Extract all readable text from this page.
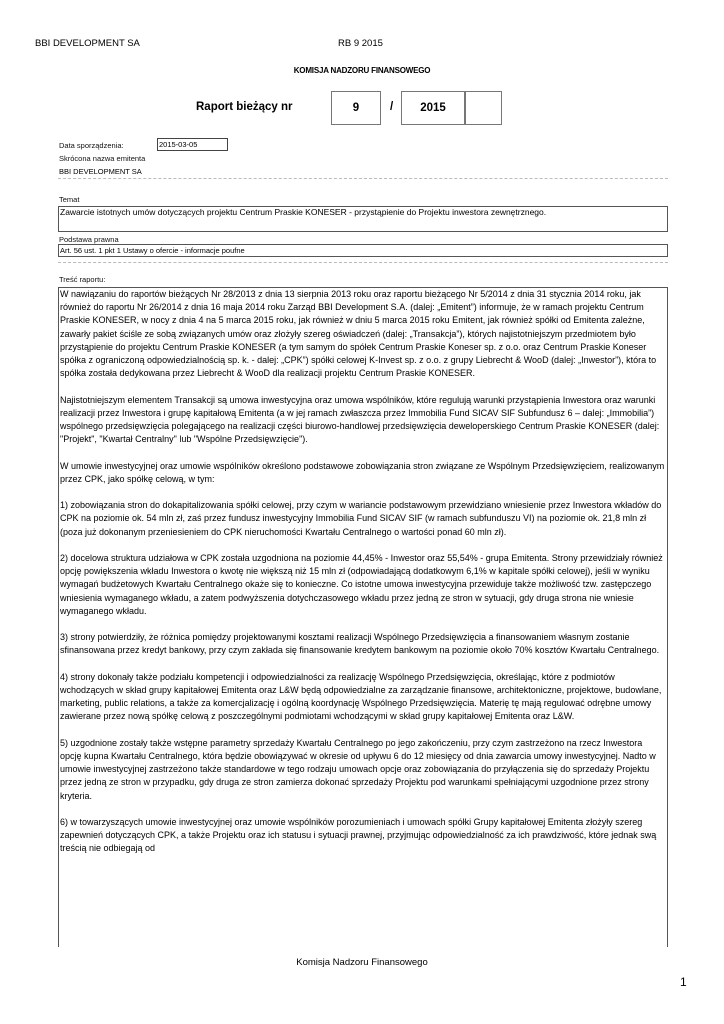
BBI DEVELOPMENT SA	RB 9 2015
KOMISJA NADZORU FINANSOWEGO
Raport bieżący nr	9	/ 2015
Data sporządzenia:	2015-03-05
Skrócona nazwa emitenta
BBI DEVELOPMENT SA
Temat
Zawarcie istotnych umów dotyczących projektu Centrum Praskie KONESER - przystąpienie do Projektu inwestora zewnętrznego.
Podstawa prawna
Art. 56 ust. 1 pkt 1 Ustawy o ofercie - informacje poufne
Treść raportu:

W nawiązaniu do raportów bieżących Nr 28/2013 z dnia 13 sierpnia 2013 roku oraz raportu bieżącego Nr 5/2014 z dnia 31 stycznia 2014 roku, jak również do raportu Nr 26/2014 z dnia 16 maja 2014 roku Zarząd BBI Development S.A. (dalej: „Emitent”) informuje, że w ramach projektu Centrum Praskie KONESER, w nocy z dnia 4 na 5 marca 2015 roku, jak również w dniu 5 marca 2015 roku Emitent, jak również spółki od Emitenta zależne, zawarły pakiet ściśle ze sobą związanych umów oraz złożyły szereg oświadczeń (dalej: „Transakcja”), których najistotniejszym przedmiotem było przystąpienie do projektu Centrum Praskie KONESER (a tym samym do spółek Centrum Praskie Koneser sp. z o.o. oraz Centrum Praskie Koneser spółka z ograniczoną odpowiedzialnością sp. k. - dalej: „CPK”) spółki celowej K-Invest sp. z o.o. z grupy Liebrecht & WooD (dalej: „Inwestor”), która to spółka została dedykowana przez Liebrecht & WooD dla realizacji projektu Centrum Praskie KONESER.

Najistotniejszym elementem Transakcji są umowa inwestycyjna oraz umowa wspólników, które regulują warunki przystąpienia Inwestora oraz warunki realizacji przez Inwestora i grupę kapitałową Emitenta (a w jej ramach zwłaszcza przez Immobilia Fund SICAV SIF Subfundusz 6 – dalej: „Immobilia”) wspólnego przedsięwzięcia polegającego na realizacji części biurowo-handlowej przedsięwzięcia deweloperskiego Centrum Praskie KONESER (dalej: "Projekt", "Kwartał Centralny" lub "Wspólne Przedsięwzięcie").

W umowie inwestycyjnej oraz umowie wspólników określono podstawowe zobowiązania stron związane ze Wspólnym Przedsięwzięciem, realizowanym przez CPK, jako spółkę celową, w tym:

1) zobowiązania stron do dokapitalizowania spółki celowej, przy czym w wariancie podstawowym przewidziano wniesienie przez Inwestora wkładów do CPK na poziomie ok. 54 mln zł, zaś przez fundusz inwestycyjny Immobilia Fund SICAV SIF (w ramach subfunduszu VI) na poziomie ok. 21,8 mln zł (poza już dokonanym przeniesieniem do CPK nieruchomości Kwartału Centralnego o wartości ponad 60 mln zł).

2) docelowa struktura udziałowa w CPK została uzgodniona na poziomie 44,45% - Inwestor oraz 55,54% - grupa Emitenta. Strony przewidziały również opcję powiększenia wkładu Inwestora o kwotę nie większą niż 15 mln zł (odpowiadającą dodatkowym 6,1% w kapitale spółki celowej), jeśli w wyniku wymagań budżetowych Kwartału Centralnego okaże się to konieczne. Co istotne umowa inwestycyjna przewiduje także możliwość tzw. zastępczego wniesienia wymaganego wkładu, a zatem podwyższenia dotychczasowego wkładu przez jedną ze stron w sytuacji, gdy druga strona nie wniesie wymaganego wkładu.

3) strony potwierdziły, że różnica pomiędzy projektowanymi kosztami realizacji Wspólnego Przedsięwzięcia a finansowaniem własnym zostanie sfinansowana przez kredyt bankowy, przy czym zakłada się finansowanie kredytem bankowym na poziomie około 70% kosztów Kwartału Centralnego.

4) strony dokonały także podziału kompetencji i odpowiedzialności za realizację Wspólnego Przedsięwzięcia, określając, które z podmiotów wchodzących w skład grupy kapitałowej Emitenta oraz L&W będą odpowiedzialne za zarządzanie finansowe, architektoniczne, projektowe, budowlane, marketing, public relations, a także za komercjalizację i ogólną koordynację Wspólnego Przedsięwzięcia. Materię tę mają regulować odrębne umowy zawierane przez nową spółkę celową z poszczególnymi podmiotami wchodzącymi w skład grupy kapitałowej Emitenta oraz L&W.

5) uzgodnione zostały także wstępne parametry sprzedaży Kwartału Centralnego po jego zakończeniu, przy czym zastrzeżono na rzecz Inwestora opcję kupna Kwartału Centralnego, która będzie obowiązywać w okresie od upływu 6 do 12 miesięcy od dnia zawarcia umowy inwestycyjnej. Nadto w umowie inwestycyjnej zastrzeżono także standardowe w tego rodzaju umowach opcje oraz zobowiązania do przyłączenia się do sprzedaży Projektu przez jedną ze stron w przypadku, gdy druga ze stron zamierza dokonać sprzedaży Projektu pod warunkami spełniającymi uzgodnione przez strony kryteria.

6) w towarzyszących umowie inwestycyjnej oraz umowie wspólników porozumieniach i umowach spółki Grupy kapitałowej Emitenta złożyły szereg zapewnień dotyczących CPK, a także Projektu oraz ich statusu i sytuacji prawnej, przyjmując odpowiedzialność za ich prawdziwość, które jednak swą treścią nie odbiegają od

Komisja Nadzoru Finansowego
1
